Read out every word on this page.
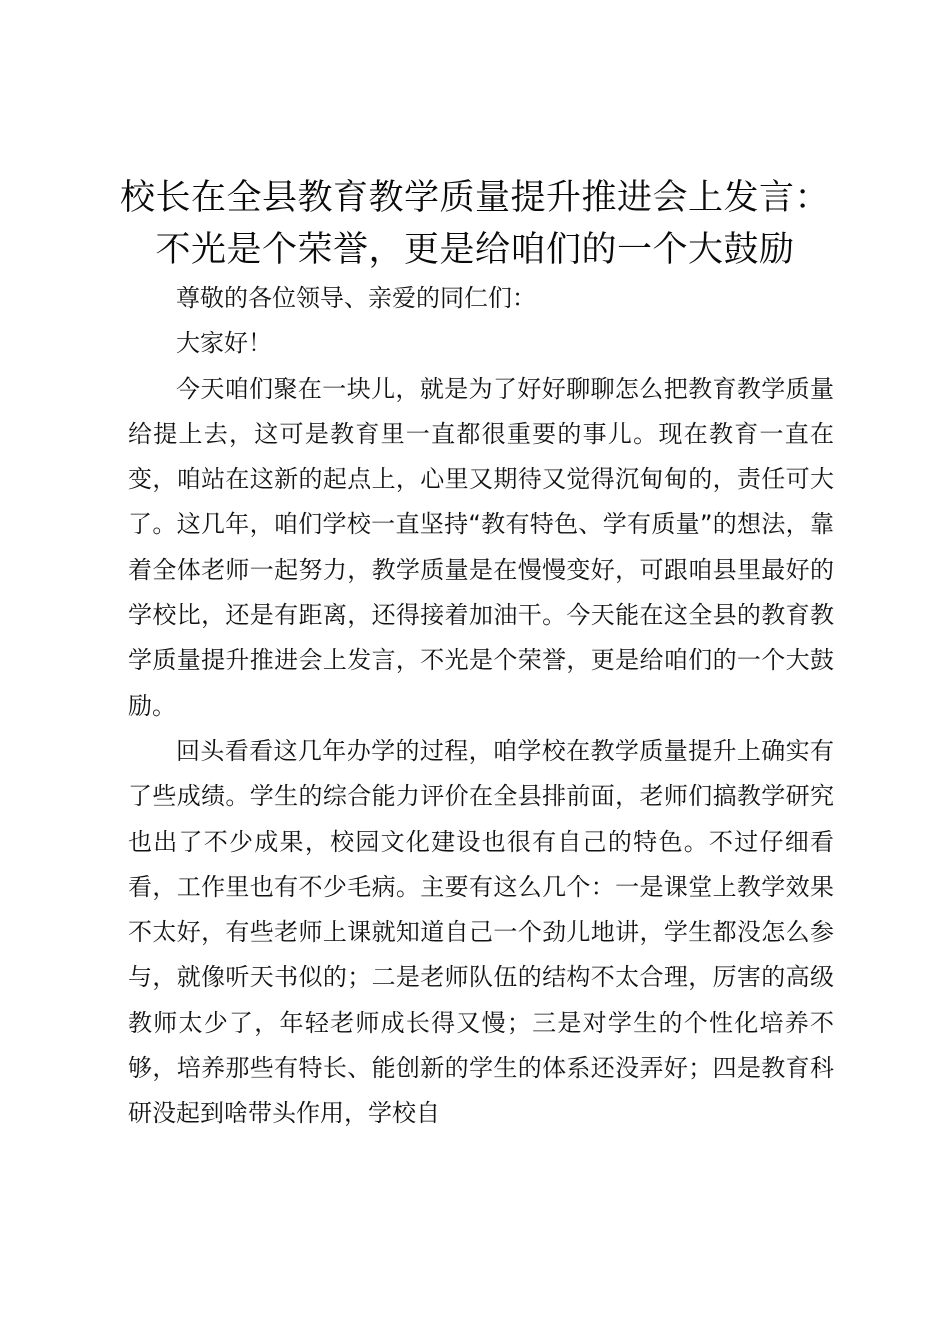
校长在全县教育教学质量提升推进会上发言：
不光是个荣誉，更是给咱们的一个大鼓励

尊敬的各位领导、亲爱的同仁们：

大家好！

今天咱们聚在一块儿，就是为了好好聊聊怎么把教育教学质量给提上去，这可是教育里一直都很重要的事儿。现在教育一直在变，咱站在这新的起点上，心里又期待又觉得沉甸甸的，责任可大了。这几年，咱们学校一直坚持“教有特色、学有质量”的想法，靠着全体老师一起努力，教学质量是在慢慢变好，可跟咱县里最好的学校比，还是有距离，还得接着加油干。今天能在这全县的教育教学质量提升推进会上发言，不光是个荣誉，更是给咱们的一个大鼓励。

回头看看这几年办学的过程，咱学校在教学质量提升上确实有了些成绩。学生的综合能力评价在全县排前面，老师们搞教学研究也出了不少成果，校园文化建设也很有自己的特色。不过仔细看看，工作里也有不少毛病。主要有这么几个：一是课堂上教学效果不太好，有些老师上课就知道自己一个劲儿地讲，学生都没怎么参与，就像听天书似的；二是老师队伍的结构不太合理，厉害的高级教师太少了，年轻老师成长得又慢；三是对学生的个性化培养不够，培养那些有特长、能创新的学生的体系还没弄好；四是教育科研没起到啥带头作用，学校自
